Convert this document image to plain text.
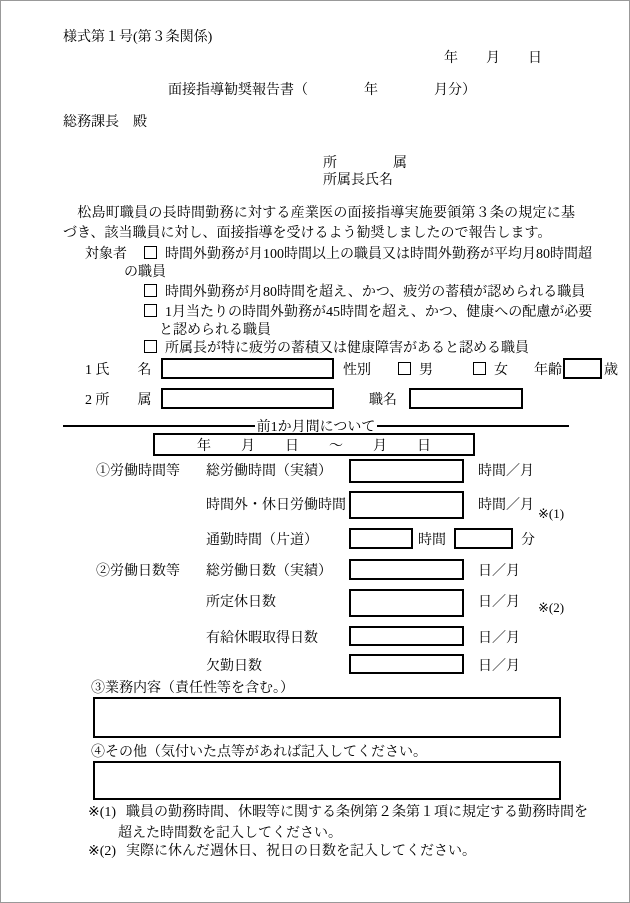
様式第１号(第３条関係)
年　　月　　日
面接指導勧奨報告書（　　　　年　　　　月分）
総務課長　殿
所　　　　属
所属長氏名
　松島町職員の長時間勤務に対する産業医の面接指導実施要領第３条の規定に基づき、該当職員に対し、面接指導を受けるよう勧奨しましたので報告します。
対象者	時間外勤務が月100時間以上の職員又は時間外勤務が平均月80時間超
の職員
時間外勤務が月80時間を超え、かつ、疲労の蓄積が認められる職員
1月当たりの時間外勤務が45時間を超え、かつ、健康への配慮が必要
と認められる職員
所属長が特に疲労の蓄積又は健康障害があると認める職員
1 氏　　名	性別	男	女 年齢	歳
2 所　　属	職名
前1か月間について
年 月 日 ～ 月 日
①労働時間等 総労働時間（実績）	時間／月
時間外・休日労働時間	時間／月
※(1)
通勤時間（片道）	時間	分
②労働日数等 総労働日数（実績）	日／月
所定休日数	日／月 ※(2)
有給休暇取得日数	日／月
欠勤日数	日／月
③業務内容（責任性等を含む。）
④その他（気付いた点等があれば記入してください。
※(1) 職員の勤務時間、休暇等に関する条例第２条第１項に規定する勤務時間を
超えた時間数を記入してください。
※(2) 実際に休んだ週休日、祝日の日数を記入してください。
